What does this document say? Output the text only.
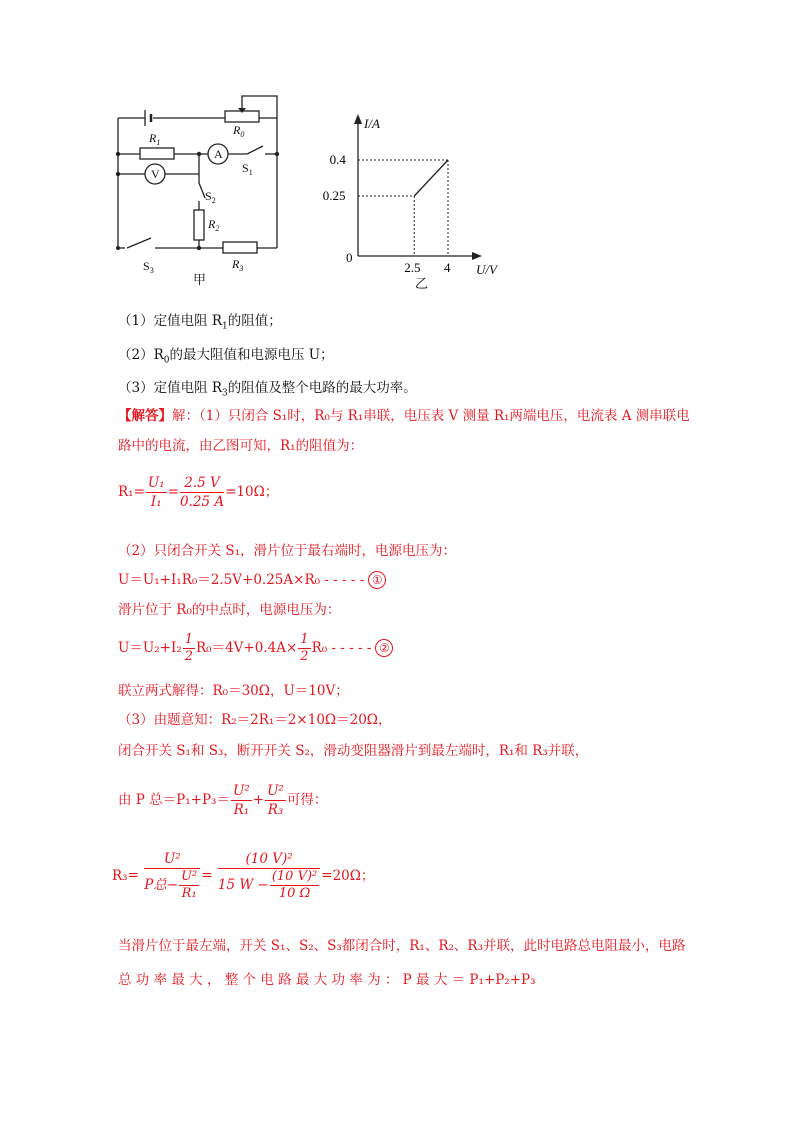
$R_1$
$R_0$
A
V	$S_1$
$S_2$
$R_2$
$S_3$	$R_3$
甲
2.5 4
0.4
0.25
I/A
U/V
0
乙
（1）定值电阻 $R_1$的阻值；
$(2)R_0$的最大阻值和电源电压 U；
（3）定值电阻 $R_3$的阻值及整个电路的最大功率。
【解答】解：（1）只闭合 S₁时，R₀与 R₁串联，电压表 V 测量 R₁两端电压，电流表 A 测串联电
路中的电流，由乙图可知，R₁的阻值为：
$R_1= \frac{\text{U₁}}{\text{I₁}} = \frac{2.5 V}{0.25 A} =10\Omega$；
（2）只闭合开关 S₁，滑片位于最右端时，电源电压为：
U＝U₁+I₁R₀＝2.5V+0.25A×R₀ - - - - - ①
滑片位于 R₀的中点时，电源电压为：
$U=U_2+I_2 \frac{1}{2} R_0=4V+0.4A\times \frac{1}{2} R_0$ - - - - - ②
联立两式解得：R₀＝30Ω，U＝10V；
（3）由题意知：R₂＝2R₁＝2×10Ω＝20Ω，
闭合开关 S₁和 S₃，断开开关 S₂，滑动变阻器滑片到最左端时，R₁和 R₃并联，
由 P 总$=P_1+P_3= \frac{\text{U²}}{\text{R₁}} + \frac{\text{U²}}{\text{R₃}}$ 可得：
$R_3= \frac{\text{U²}}{P总- \frac{\text{U²}}{\text{R₁}}} = \frac{\text{(10 V)²}}{15 W - \frac{\text{(10 V)²}}{10 \Omega}} =20\Omega$；
当滑片位于最左端，开关 S₁、S₂、S₃都闭合时，R₁、R₂、R₃并联，此时电路总电阻最小，电路
总 功 率 最 大 ， 整 个 电 路 最 大 功 率 为 ： P 最 大 ＝ P₁+P₂+P₃
